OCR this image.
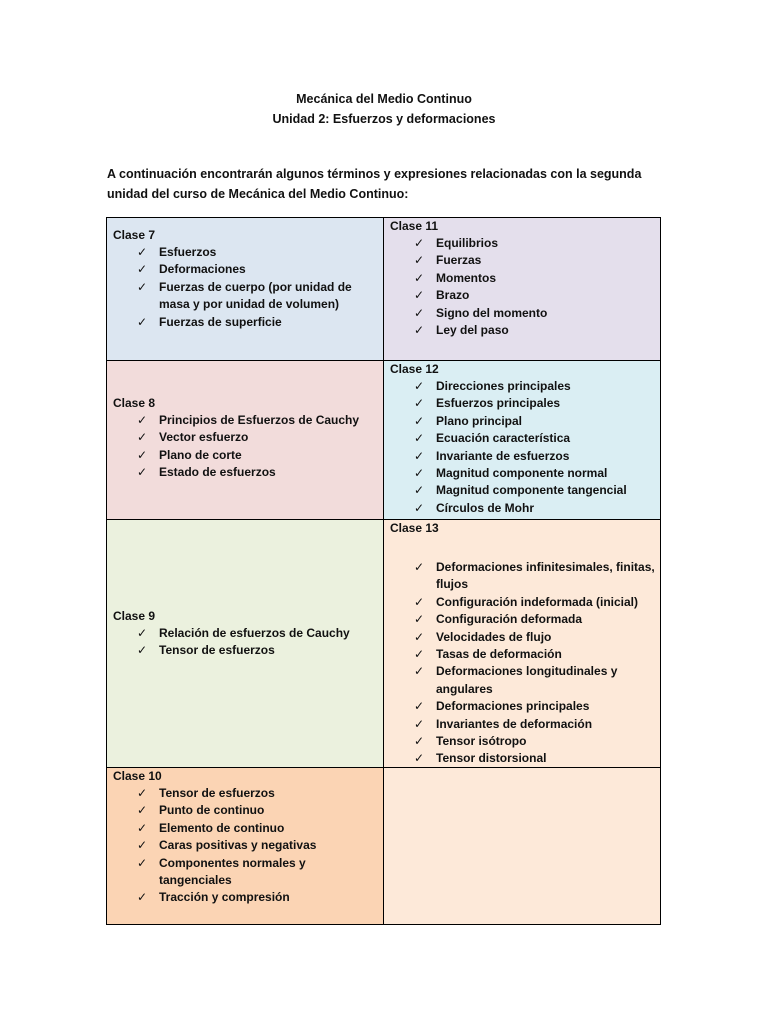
Mecánica del Medio Continuo
Unidad 2: Esfuerzos y deformaciones
A continuación encontrarán algunos términos y expresiones relacionadas con la segunda unidad del curso de Mecánica del Medio Continuo:
Clase 7
✓ Esfuerzos
✓ Deformaciones
✓ Fuerzas de cuerpo (por unidad de masa y por unidad de volumen)
✓ Fuerzas de superficie
Clase 11
✓ Equilibrios
✓ Fuerzas
✓ Momentos
✓ Brazo
✓ Signo del momento
✓ Ley del paso
Clase 8
✓ Principios de Esfuerzos de Cauchy
✓ Vector esfuerzo
✓ Plano de corte
✓ Estado de esfuerzos
Clase 12
✓ Direcciones principales
✓ Esfuerzos principales
✓ Plano principal
✓ Ecuación característica
✓ Invariante de esfuerzos
✓ Magnitud componente normal
✓ Magnitud componente tangencial
✓ Círculos de Mohr
Clase 9
✓ Relación de esfuerzos de Cauchy
✓ Tensor de esfuerzos
Clase 13
✓ Deformaciones infinitesimales, finitas, flujos
✓ Configuración indeformada (inicial)
✓ Configuración deformada
✓ Velocidades de flujo
✓ Tasas de deformación
✓ Deformaciones longitudinales y angulares
✓ Deformaciones principales
✓ Invariantes de deformación
✓ Tensor isótropo
✓ Tensor distorsional
Clase 10
✓ Tensor de esfuerzos
✓ Punto de continuo
✓ Elemento de continuo
✓ Caras positivas y negativas
✓ Componentes normales y tangenciales
✓ Tracción y compresión
